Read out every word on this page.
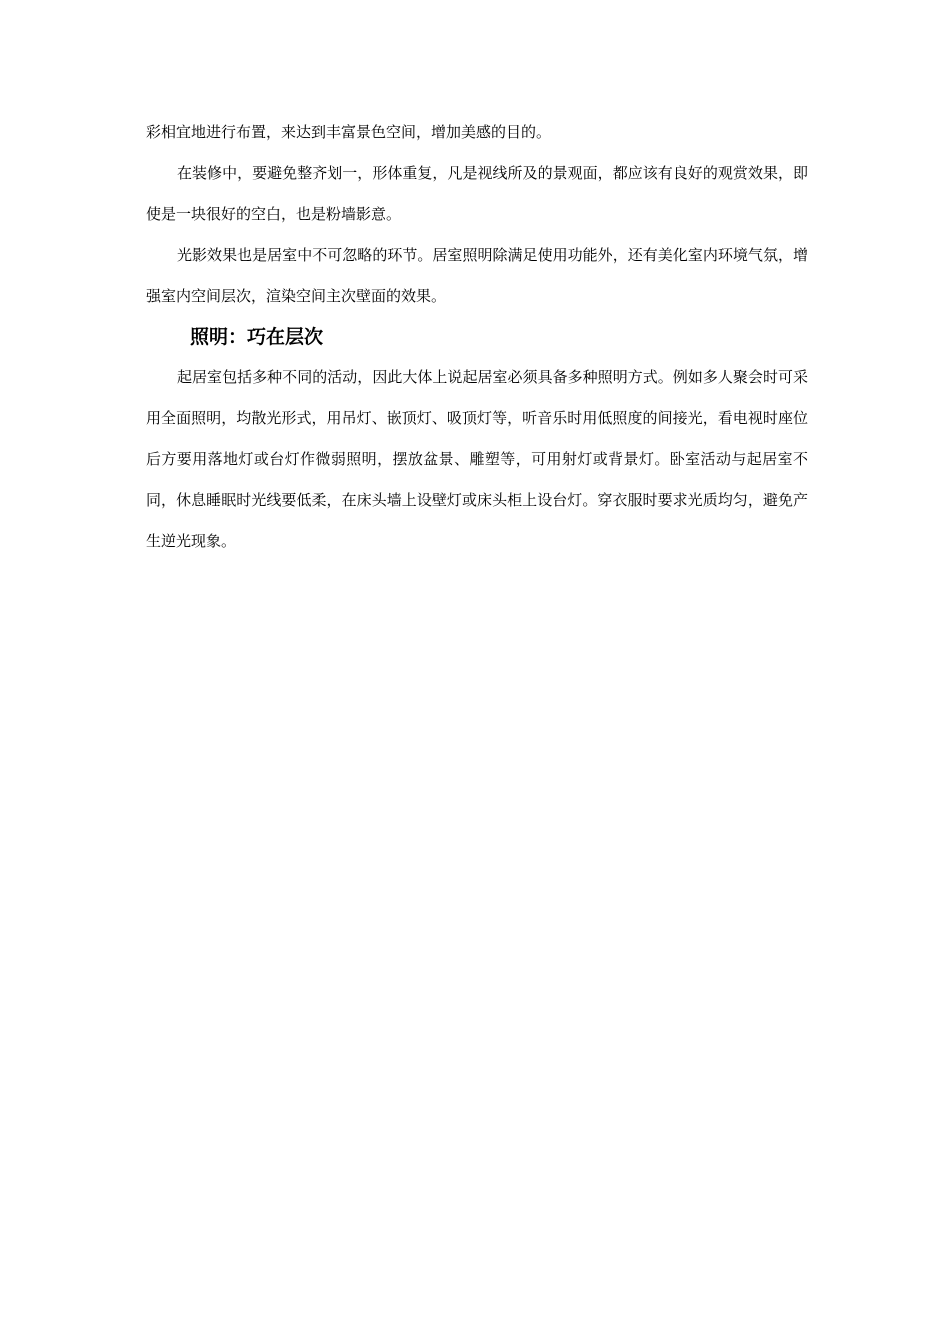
彩相宜地进行布置，来达到丰富景色空间，增加美感的目的。

在装修中，要避免整齐划一，形体重复，凡是视线所及的景观面，都应该有良好的观赏效果，即使是一块很好的空白，也是粉墙影意。

光影效果也是居室中不可忽略的环节。居室照明除满足使用功能外，还有美化室内环境气氛，增强室内空间层次，渲染空间主次壁面的效果。

照明：巧在层次

起居室包括多种不同的活动，因此大体上说起居室必须具备多种照明方式。例如多人聚会时可采用全面照明，均散光形式，用吊灯、嵌顶灯、吸顶灯等，听音乐时用低照度的间接光，看电视时座位后方要用落地灯或台灯作微弱照明，摆放盆景、雕塑等，可用射灯或背景灯。卧室活动与起居室不同，休息睡眠时光线要低柔，在床头墙上设壁灯或床头柜上设台灯。穿衣服时要求光质均匀，避免产生逆光现象。
